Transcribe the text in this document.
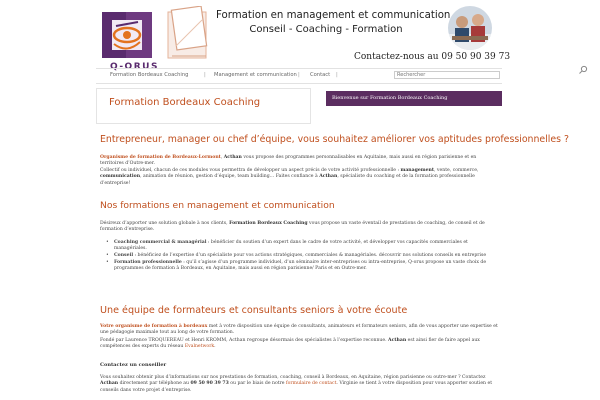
Q-ORUS
Formation en management et communication
Conseil - Coaching - Formation
Contactez-nous au 09 50 90 39 73
Formation Bordeaux Coaching	| Management et communication | Contact |
Rechercher
Formation Bordeaux Coaching	Bienvenue sur Formation Bordeaux Coaching
Entrepreneur, manager ou chef d’équipe, vous souhaitez améliorer vos aptitudes professionnelles ?
Organisme de formation de Bordeaux-Lormont, Acthan vous propose des programmes personnalisables en Aquitaine, mais aussi en région parisienne et en territoires d’Outre-mer.
Collectif ou individuel, chacun de ces modules vous permettra de développer un aspect précis de votre activité professionnelle : management, vente, commerce, communication, animation de réunion, gestion d’équipe, team building… Faites confiance à Acthan, spécialiste du coaching et de la formation professionnelle d’entreprise!
Nos formations en management et communication
Désireux d’apporter une solution globale à nos clients, Formation Bordeaux Coaching vous propose un vaste éventail de prestations de coaching, de conseil et de formation d’entreprise.
• Coaching commercial & managérial : bénéficier du soutien d’un expert dans le cadre de votre activité, et développer vos capacités commerciales et managériales.
• Conseil : bénéficiez de l’expertise d’un spécialiste pour vos actions stratégiques, commerciales & managériales. découvrir nos solutions conseils en entreprise
• Formation professionnelle : qu’il s’agisse d’un programme individuel, d’un séminaire inter-entreprises ou intra-entreprise, Q-orus propose un vaste choix de programmes de formation à Bordeaux, en Aquitaine, mais aussi en région parisienne/ Paris et en Outre-mer.
Une équipe de formateurs et consultants seniors à votre écoute
Votre organisme de formation à bordeaux met à votre disposition une équipe de consultants, animateurs et formateurs seniors, afin de vous apporter une expertise et une pédagogie maximale tout au long de votre formation.
Fondé par Laurence TROQUEREAU et Henri KROMM, Acthan regroupe désormais des spécialistes à l’expertise reconnue. Acthan est ainsi fier de faire appel aux compétences des experts du réseau Evalnetwork.
Contactez un conseiller
Vous souhaitez obtenir plus d’informations sur nos prestations de formation, coaching, conseil à Bordeaux, en Aquitaine, région parisienne ou outre-mer ? Contactez Acthan directement par téléphone au 09 50 90 39 73 ou par le biais de notre formulaire de contact. Virginie se tient à votre disposition pour vous apporter soutien et conseils dans votre projet d’entreprise.
